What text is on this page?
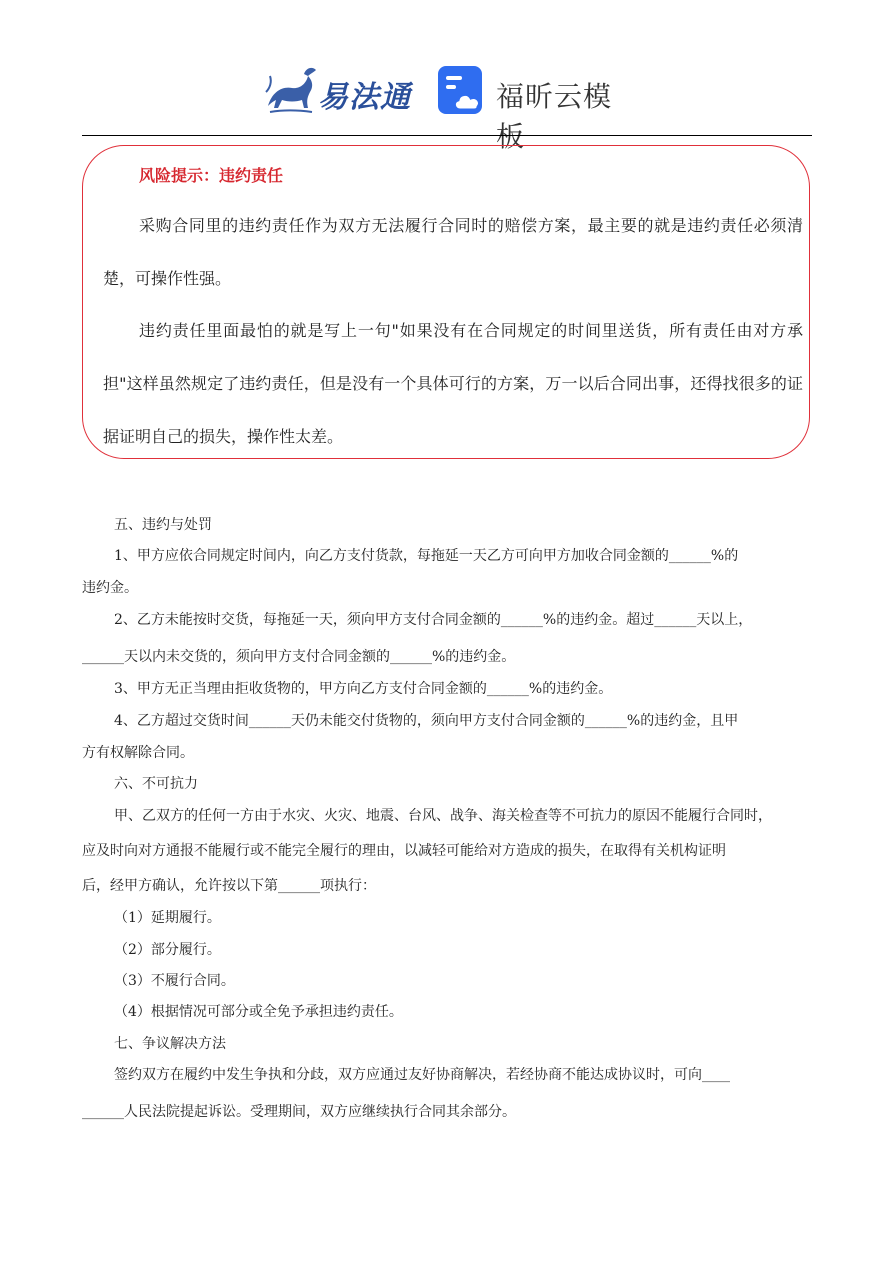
易法通	福昕云模板
风险提示：违约责任

采购合同里的违约责任作为双方无法履行合同时的赔偿方案，最主要的就是违约责任必须清楚，可操作性强。

违约责任里面最怕的就是写上一句"如果没有在合同规定的时间里送货，所有责任由对方承担"这样虽然规定了违约责任，但是没有一个具体可行的方案，万一以后合同出事，还得找很多的证据证明自己的损失，操作性太差。

五、违约与处罚
1、甲方应依合同规定时间内，向乙方支付货款，每拖延一天乙方可向甲方加收合同金额的______%的
违约金。
2、乙方未能按时交货，每拖延一天，须向甲方支付合同金额的______%的违约金。超过______天以上，
______天以内未交货的，须向甲方支付合同金额的______%的违约金。
3、甲方无正当理由拒收货物的，甲方向乙方支付合同金额的______%的违约金。
4、乙方超过交货时间______天仍未能交付货物的，须向甲方支付合同金额的______%的违约金，且甲
方有权解除合同。
六、不可抗力
甲、乙双方的任何一方由于水灾、火灾、地震、台风、战争、海关检查等不可抗力的原因不能履行合同时，
应及时向对方通报不能履行或不能完全履行的理由，以减轻可能给对方造成的损失，在取得有关机构证明
后，经甲方确认，允许按以下第______项执行：
（1）延期履行。
（2）部分履行。
（3）不履行合同。
（4）根据情况可部分或全免予承担违约责任。
七、争议解决方法
签约双方在履约中发生争执和分歧，双方应通过友好协商解决，若经协商不能达成协议时，可向____
______人民法院提起诉讼。受理期间，双方应继续执行合同其余部分。
